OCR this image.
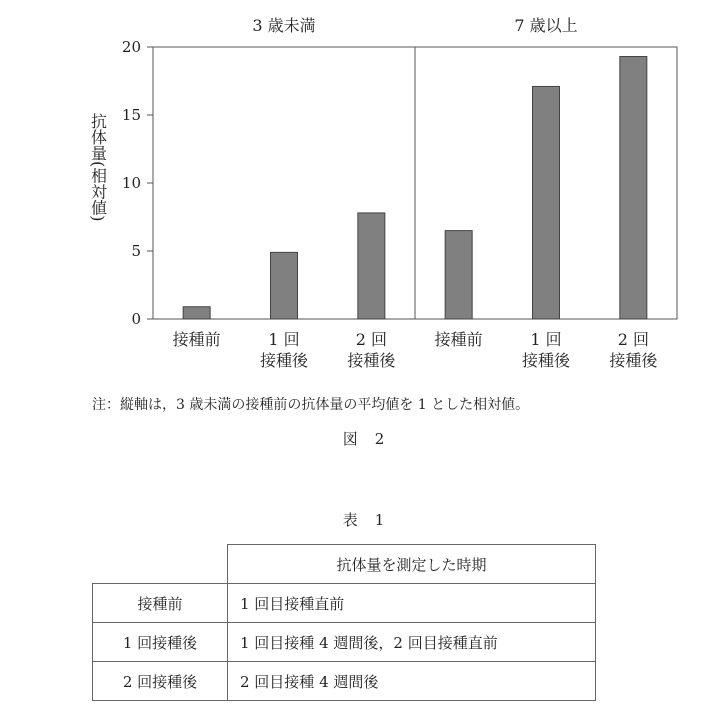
0
5
10
15
20
抗体量(相対値)
3 歳未満
接種前	1 回接種後
2 回接種後
7 歳以上
接種前	1 回接種後
2 回接種後
注：縦軸は，3 歳未満の接種前の抗体量の平均値を 1 とした相対値。
図　2
表　1
	抗体量を測定した時期
接種前	1 回目接種直前
1 回接種後	1 回目接種 4 週間後，2 回目接種直前
2 回接種後	2 回目接種 4 週間後
